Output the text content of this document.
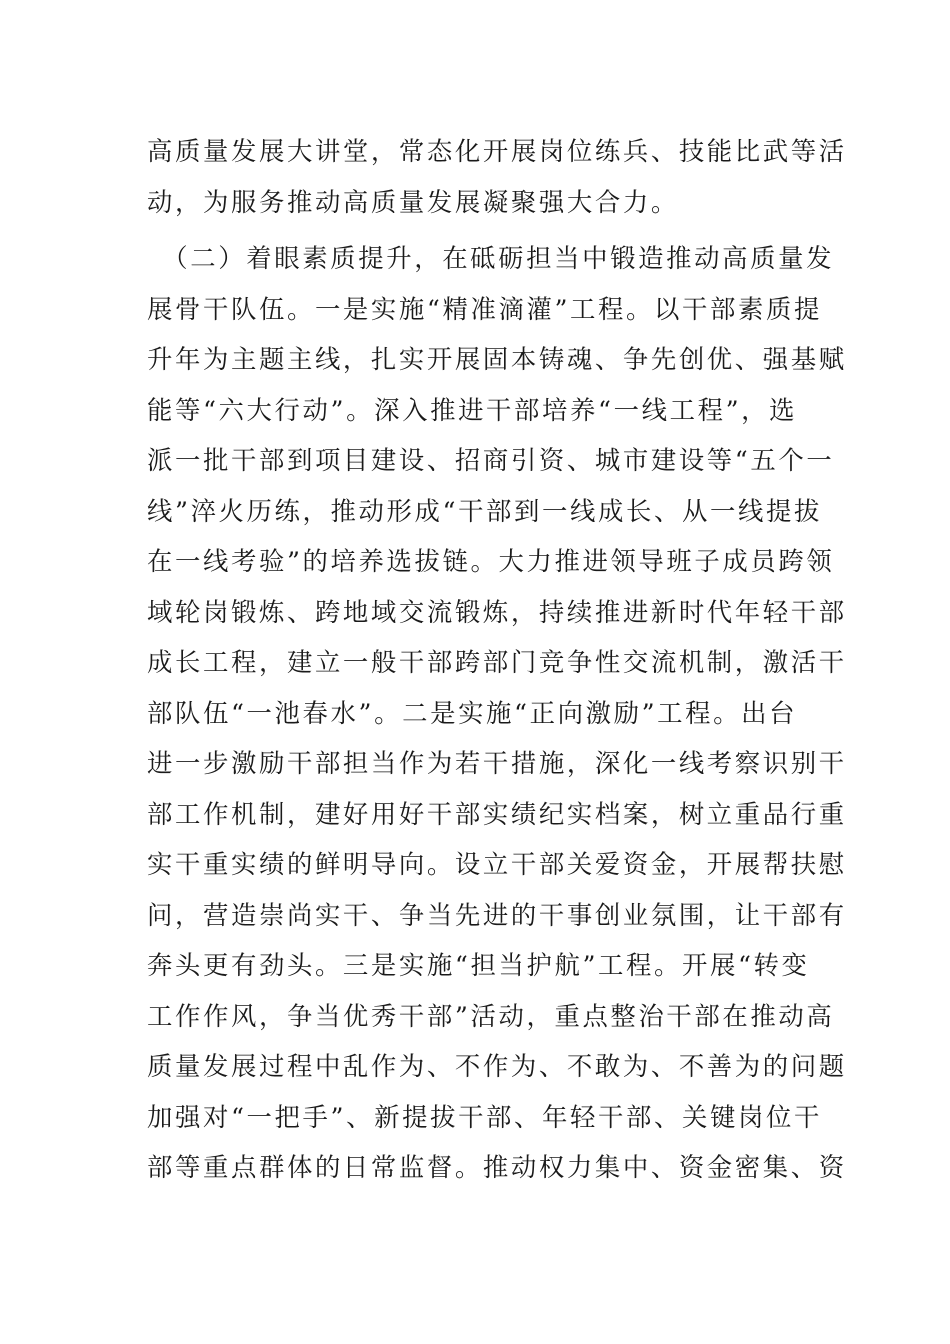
高质量发展大讲堂，常态化开展岗位练兵、技能比武等活
动，为服务推动高质量发展凝聚强大合力。
　（二）着眼素质提升，在砥砺担当中锻造推动高质量发
展骨干队伍。一是实施“精准滴灌”工程。以干部素质提
升年为主题主线，扎实开展固本铸魂、争先创优、强基赋
能等“六大行动”。深入推进干部培养“一线工程”，选
派一批干部到项目建设、招商引资、城市建设等“五个一
线”淬火历练，推动形成“干部到一线成长、从一线提拔
在一线考验”的培养选拔链。大力推进领导班子成员跨领
域轮岗锻炼、跨地域交流锻炼，持续推进新时代年轻干部
成长工程，建立一般干部跨部门竞争性交流机制，激活干
部队伍“一池春水”。二是实施“正向激励”工程。出台
进一步激励干部担当作为若干措施，深化一线考察识别干
部工作机制，建好用好干部实绩纪实档案，树立重品行重
实干重实绩的鲜明导向。设立干部关爱资金，开展帮扶慰
问，营造崇尚实干、争当先进的干事创业氛围，让干部有
奔头更有劲头。三是实施“担当护航”工程。开展“转变
工作作风，争当优秀干部”活动，重点整治干部在推动高
质量发展过程中乱作为、不作为、不敢为、不善为的问题
加强对“一把手”、新提拔干部、年轻干部、关键岗位干
部等重点群体的日常监督。推动权力集中、资金密集、资
